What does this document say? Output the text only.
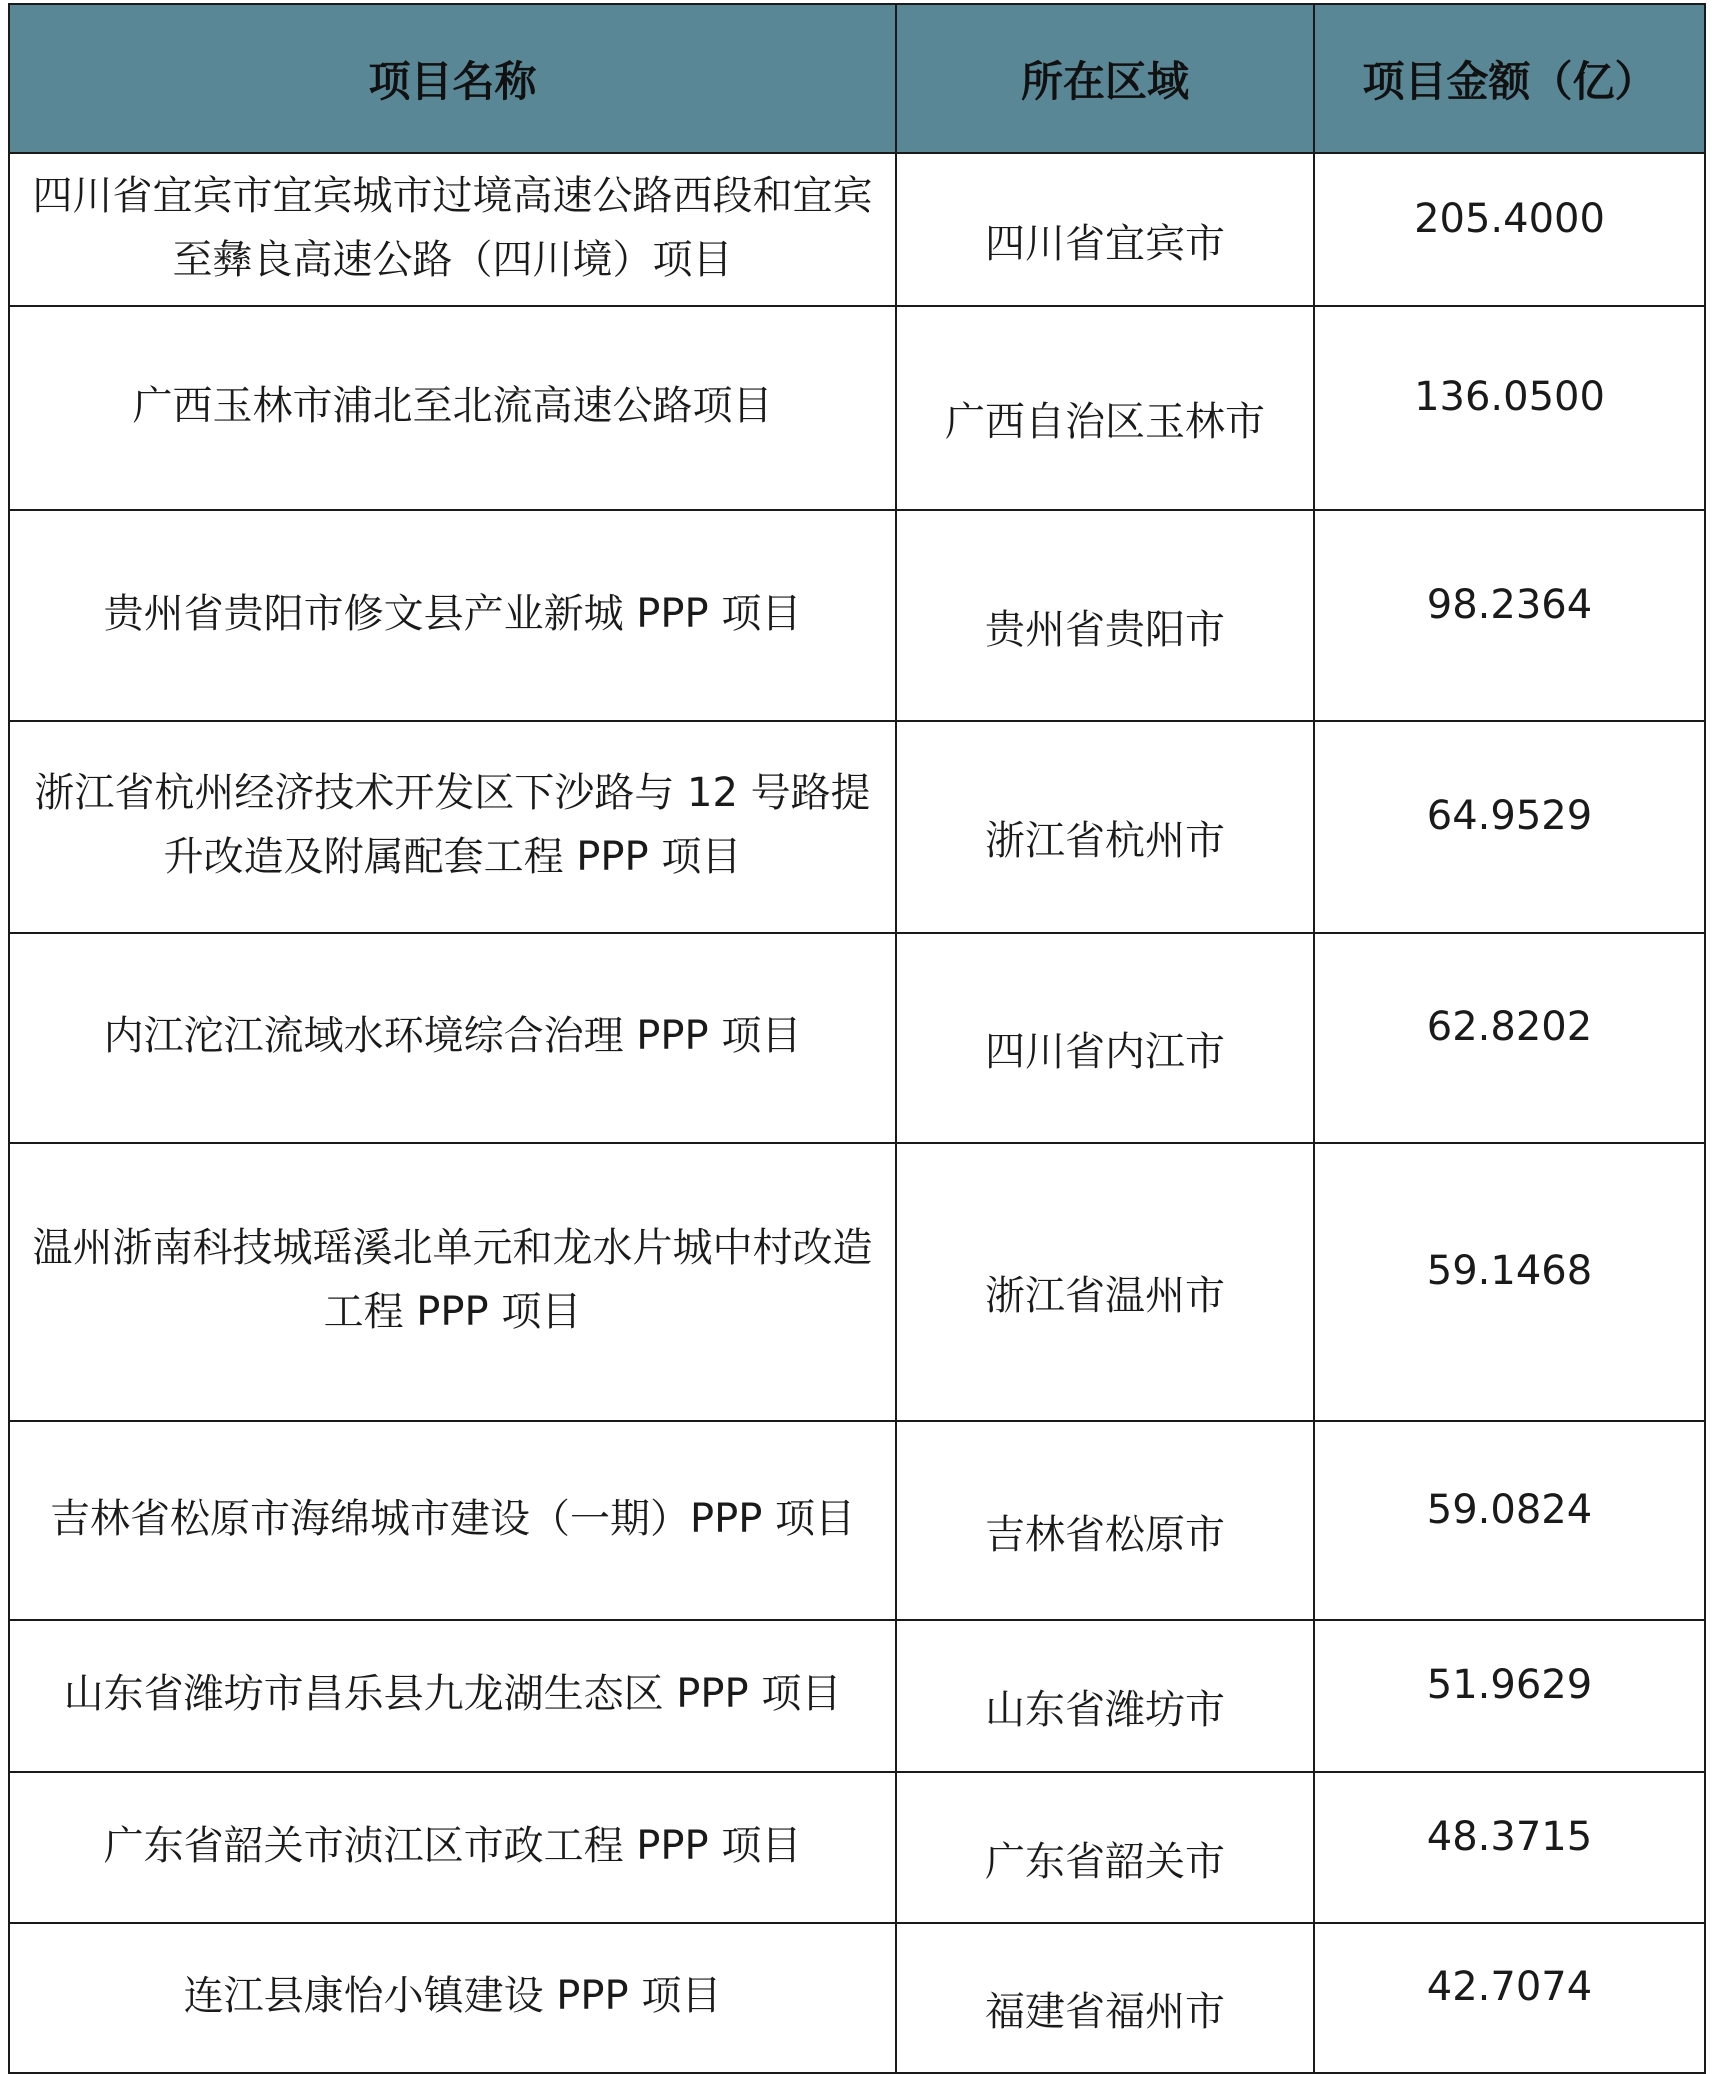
项目名称	所在区域	项目金额（亿）
四川省宜宾市宜宾城市过境高速公路西段和宜宾至彝良高速公路（四川境）项目	四川省宜宾市	205.4000
广西玉林市浦北至北流高速公路项目	广西自治区玉林市	136.0500
贵州省贵阳市修文县产业新城 PPP 项目	贵州省贵阳市	98.2364
浙江省杭州经济技术开发区下沙路与 12 号路提升改造及附属配套工程 PPP 项目	浙江省杭州市	64.9529
内江沱江流域水环境综合治理 PPP 项目	四川省内江市	62.8202
温州浙南科技城瑶溪北单元和龙水片城中村改造工程 PPP 项目	浙江省温州市	59.1468
吉林省松原市海绵城市建设（一期）PPP 项目	吉林省松原市	59.0824
山东省潍坊市昌乐县九龙湖生态区 PPP 项目	山东省潍坊市	51.9629
广东省韶关市浈江区市政工程 PPP 项目	广东省韶关市	48.3715
连江县康怡小镇建设 PPP 项目	福建省福州市	42.7074
